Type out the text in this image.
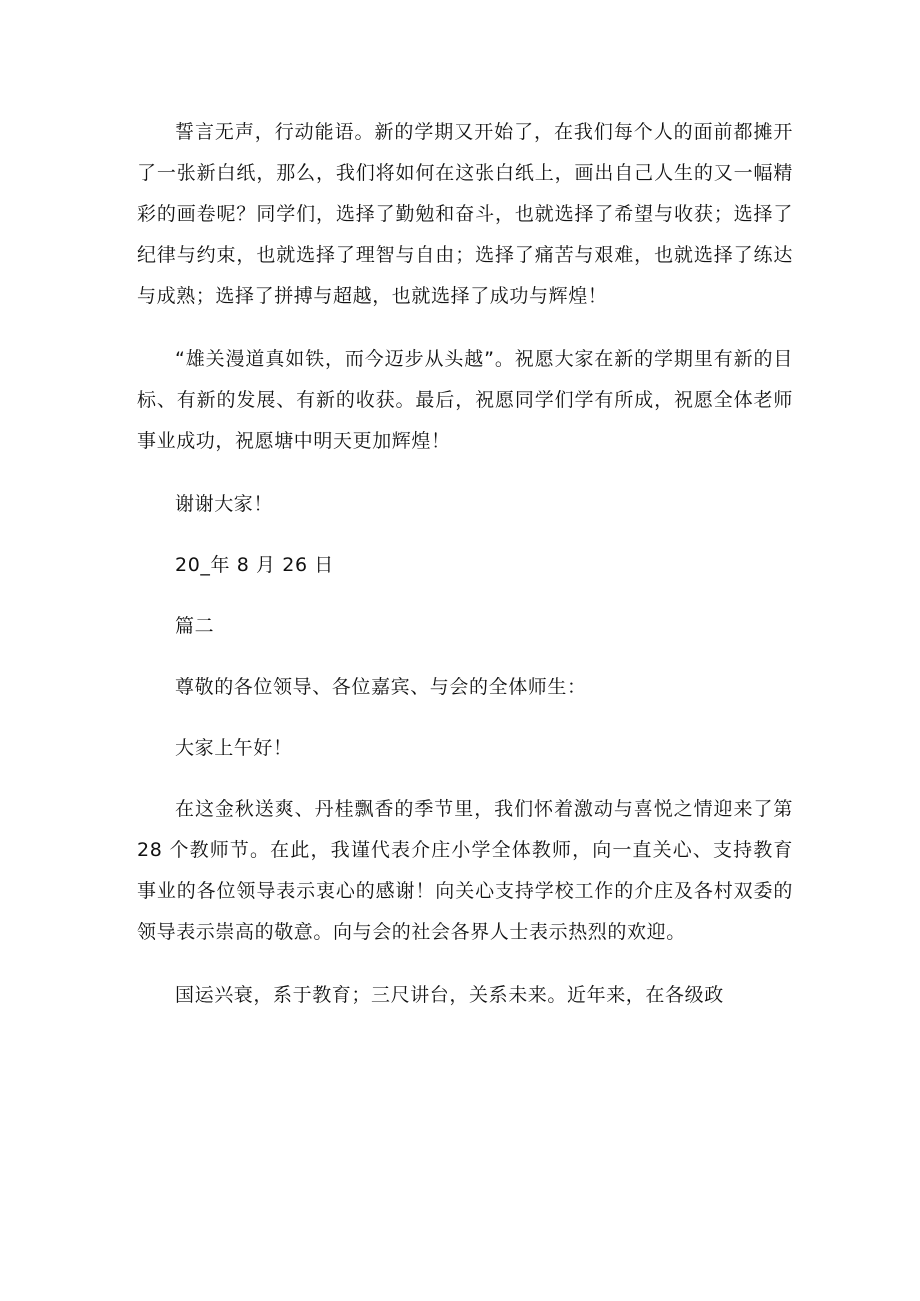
誓言无声，行动能语。新的学期又开始了，在我们每个人的面前都摊开了一张新白纸，那么，我们将如何在这张白纸上，画出自己人生的又一幅精彩的画卷呢？同学们，选择了勤勉和奋斗，也就选择了希望与收获；选择了纪律与约束，也就选择了理智与自由；选择了痛苦与艰难，也就选择了练达与成熟；选择了拼搏与超越，也就选择了成功与辉煌！

“雄关漫道真如铁，而今迈步从头越”。祝愿大家在新的学期里有新的目标、有新的发展、有新的收获。最后，祝愿同学们学有所成，祝愿全体老师事业成功，祝愿塘中明天更加辉煌！

谢谢大家！

20_年 8 月 26 日

篇二

尊敬的各位领导、各位嘉宾、与会的全体师生：

大家上午好！

在这金秋送爽、丹桂飘香的季节里，我们怀着激动与喜悦之情迎来了第 28 个教师节。在此，我谨代表介庄小学全体教师，向一直关心、支持教育事业的各位领导表示衷心的感谢！向关心支持学校工作的介庄及各村双委的领导表示崇高的敬意。向与会的社会各界人士表示热烈的欢迎。

国运兴衰，系于教育；三尺讲台，关系未来。近年来，在各级政
